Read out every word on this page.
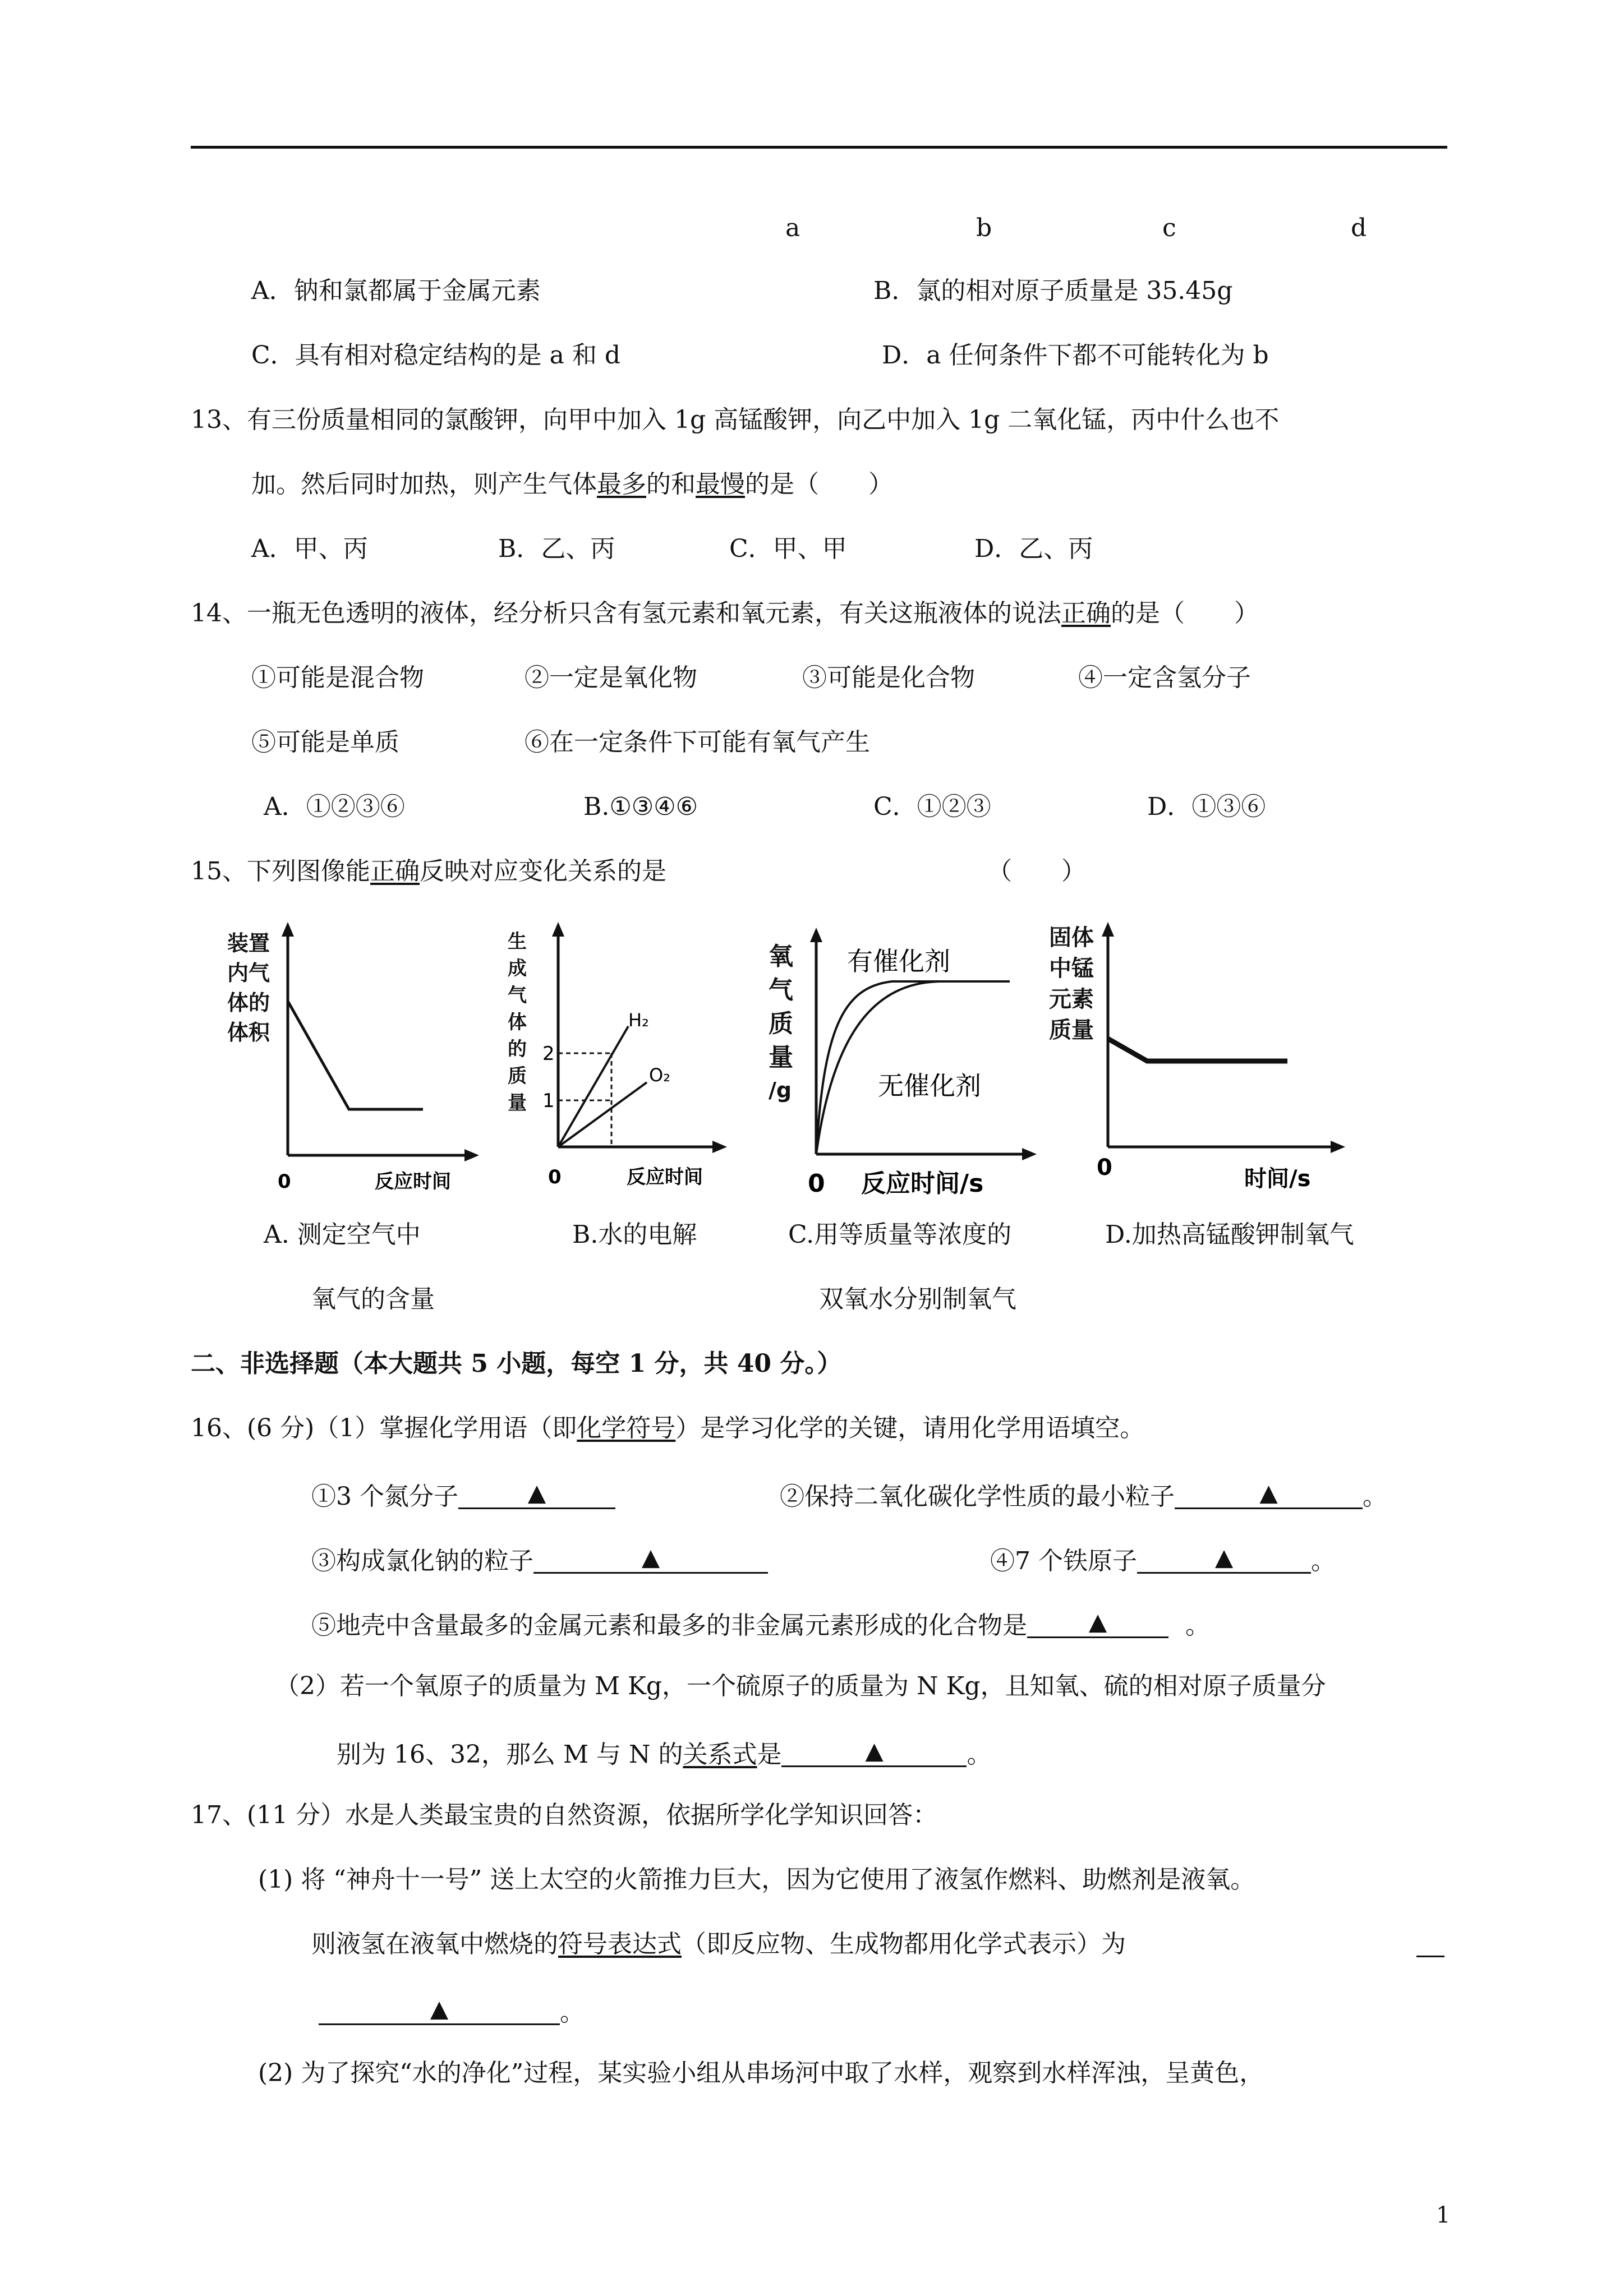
a	b	c	d
A．钠和氯都属于金属元素	B．氯的相对原子质量是 35.45g
C．具有相对稳定结构的是 a 和 d	D．a 任何条件下都不可能转化为 b
13、有三份质量相同的氯酸钾，向甲中加入 1g 高锰酸钾，向乙中加入 1g 二氧化锰，丙中什么也不
加。然后同时加热，则产生气体最多的和最慢的是（　　）
A．甲、丙	B．乙、丙	C．甲、甲	D．乙、丙
14、一瓶无色透明的液体，经分析只含有氢元素和氧元素，有关这瓶液体的说法正确的是（　　）
①可能是混合物	②一定是氧化物	③可能是化合物	④一定含氢分子
⑤可能是单质	⑥在一定条件下可能有氧气产生
A．①②③⑥	B.①③④⑥	C．①②③	D．①③⑥
15、下列图像能正确反映对应变化关系的是	（　　）
装置
内气
体的
体积
0	反应时间
生
成
气
体
的
质
量
2
1
H₂
O₂
0	反应时间
氧
气
质
量
/g
有催化剂
无催化剂
0 反应时间/s
固体
中锰
元素
质量
0	时间/s
A. 测定空气中
氧气的含量
B.水的电解	C.用等质量等浓度的
双氧水分别制氧气
D.加热高锰酸钾制氧气
二、非选择题（本大题共 5 小题，每空 1 分，共 40 分。）
16、(6 分)（1）掌握化学用语（即化学符号）是学习化学的关键，请用化学用语填空。
①3 个氮分子	▲	②保持二氧化碳化学性质的最小粒子	▲	。
③构成氯化钠的粒子	▲	④7 个铁原子	▲	。
⑤地壳中含量最多的金属元素和最多的非金属元素形成的化合物是	▲	。
（2）若一个氧原子的质量为 M Kg，一个硫原子的质量为 N Kg，且知氧、硫的相对原子质量分
别为 16、32，那么 M 与 N 的关系式是	▲	。
17、(11 分）水是人类最宝贵的自然资源，依据所学化学知识回答：
(1) 将 “神舟十一号” 送上太空的火箭推力巨大，因为它使用了液氢作燃料、助燃剂是液氧。
则液氢在液氧中燃烧的符号表达式（即反应物、生成物都用化学式表示）为
▲	。
(2) 为了探究“水的净化”过程，某实验小组从串场河中取了水样，观察到水样浑浊，呈黄色，
1
